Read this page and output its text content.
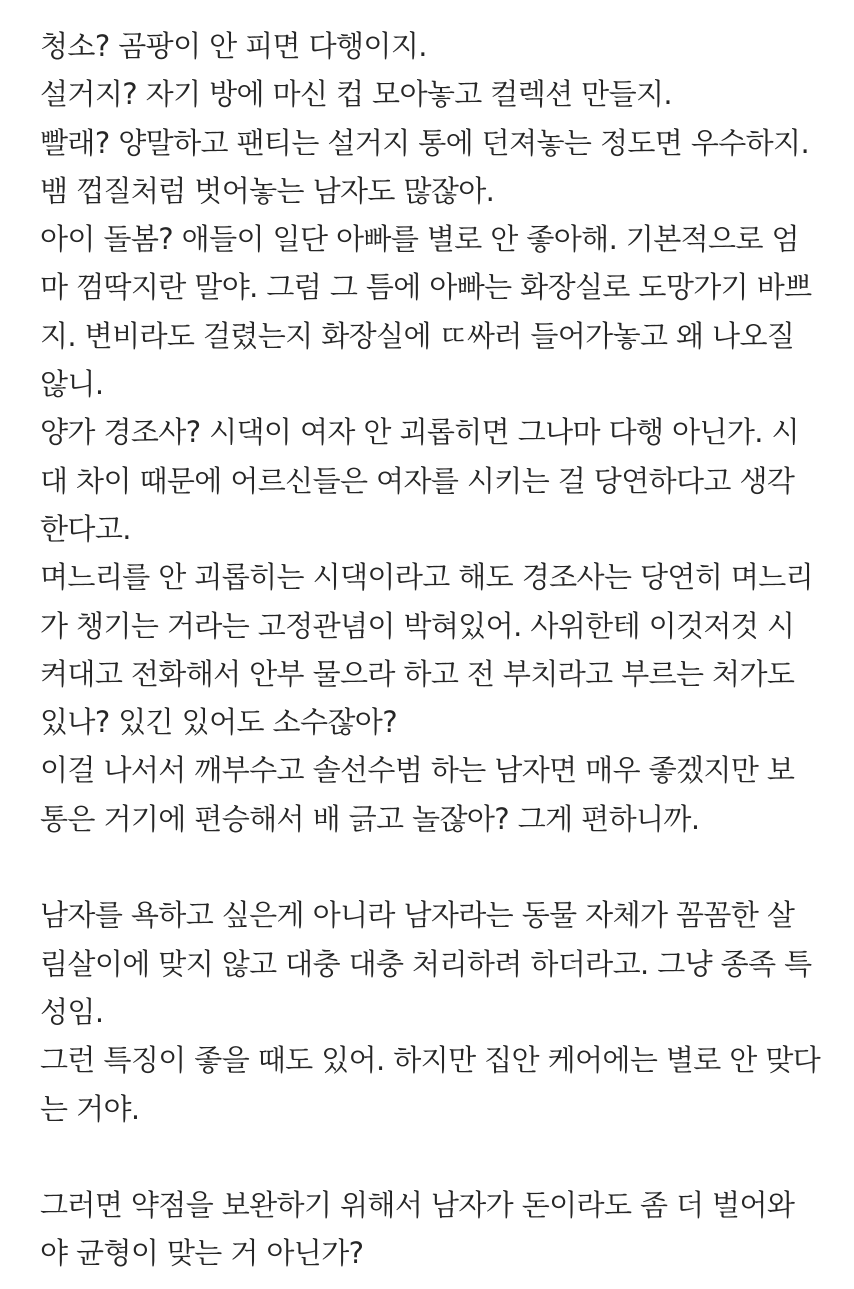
청소? 곰팡이 안 피면 다행이지.
설거지? 자기 방에 마신 컵 모아놓고 컬렉션 만들지.
빨래? 양말하고 팬티는 설거지 통에 던져놓는 정도면 우수하지.
뱀 껍질처럼 벗어놓는 남자도 많잖아.
아이 돌봄? 애들이 일단 아빠를 별로 안 좋아해. 기본적으로 엄
마 껌딱지란 말야. 그럼 그 틈에 아빠는 화장실로 도망가기 바쁘
지. 변비라도 걸렸는지 화장실에 ㄸ싸러 들어가놓고 왜 나오질
않니.
양가 경조사? 시댁이 여자 안 괴롭히면 그나마 다행 아닌가. 시
대 차이 때문에 어르신들은 여자를 시키는 걸 당연하다고 생각
한다고.
며느리를 안 괴롭히는 시댁이라고 해도 경조사는 당연히 며느리
가 챙기는 거라는 고정관념이 박혀있어. 사위한테 이것저것 시
켜대고 전화해서 안부 물으라 하고 전 부치라고 부르는 처가도
있나? 있긴 있어도 소수잖아?
이걸 나서서 깨부수고 솔선수범 하는 남자면 매우 좋겠지만 보
통은 거기에 편승해서 배 긁고 놀잖아? 그게 편하니까.
남자를 욕하고 싶은게 아니라 남자라는 동물 자체가 꼼꼼한 살
림살이에 맞지 않고 대충 대충 처리하려 하더라고. 그냥 종족 특
성임.
그런 특징이 좋을 때도 있어. 하지만 집안 케어에는 별로 안 맞다
는 거야.
그러면 약점을 보완하기 위해서 남자가 돈이라도 좀 더 벌어와
야 균형이 맞는 거 아닌가?
